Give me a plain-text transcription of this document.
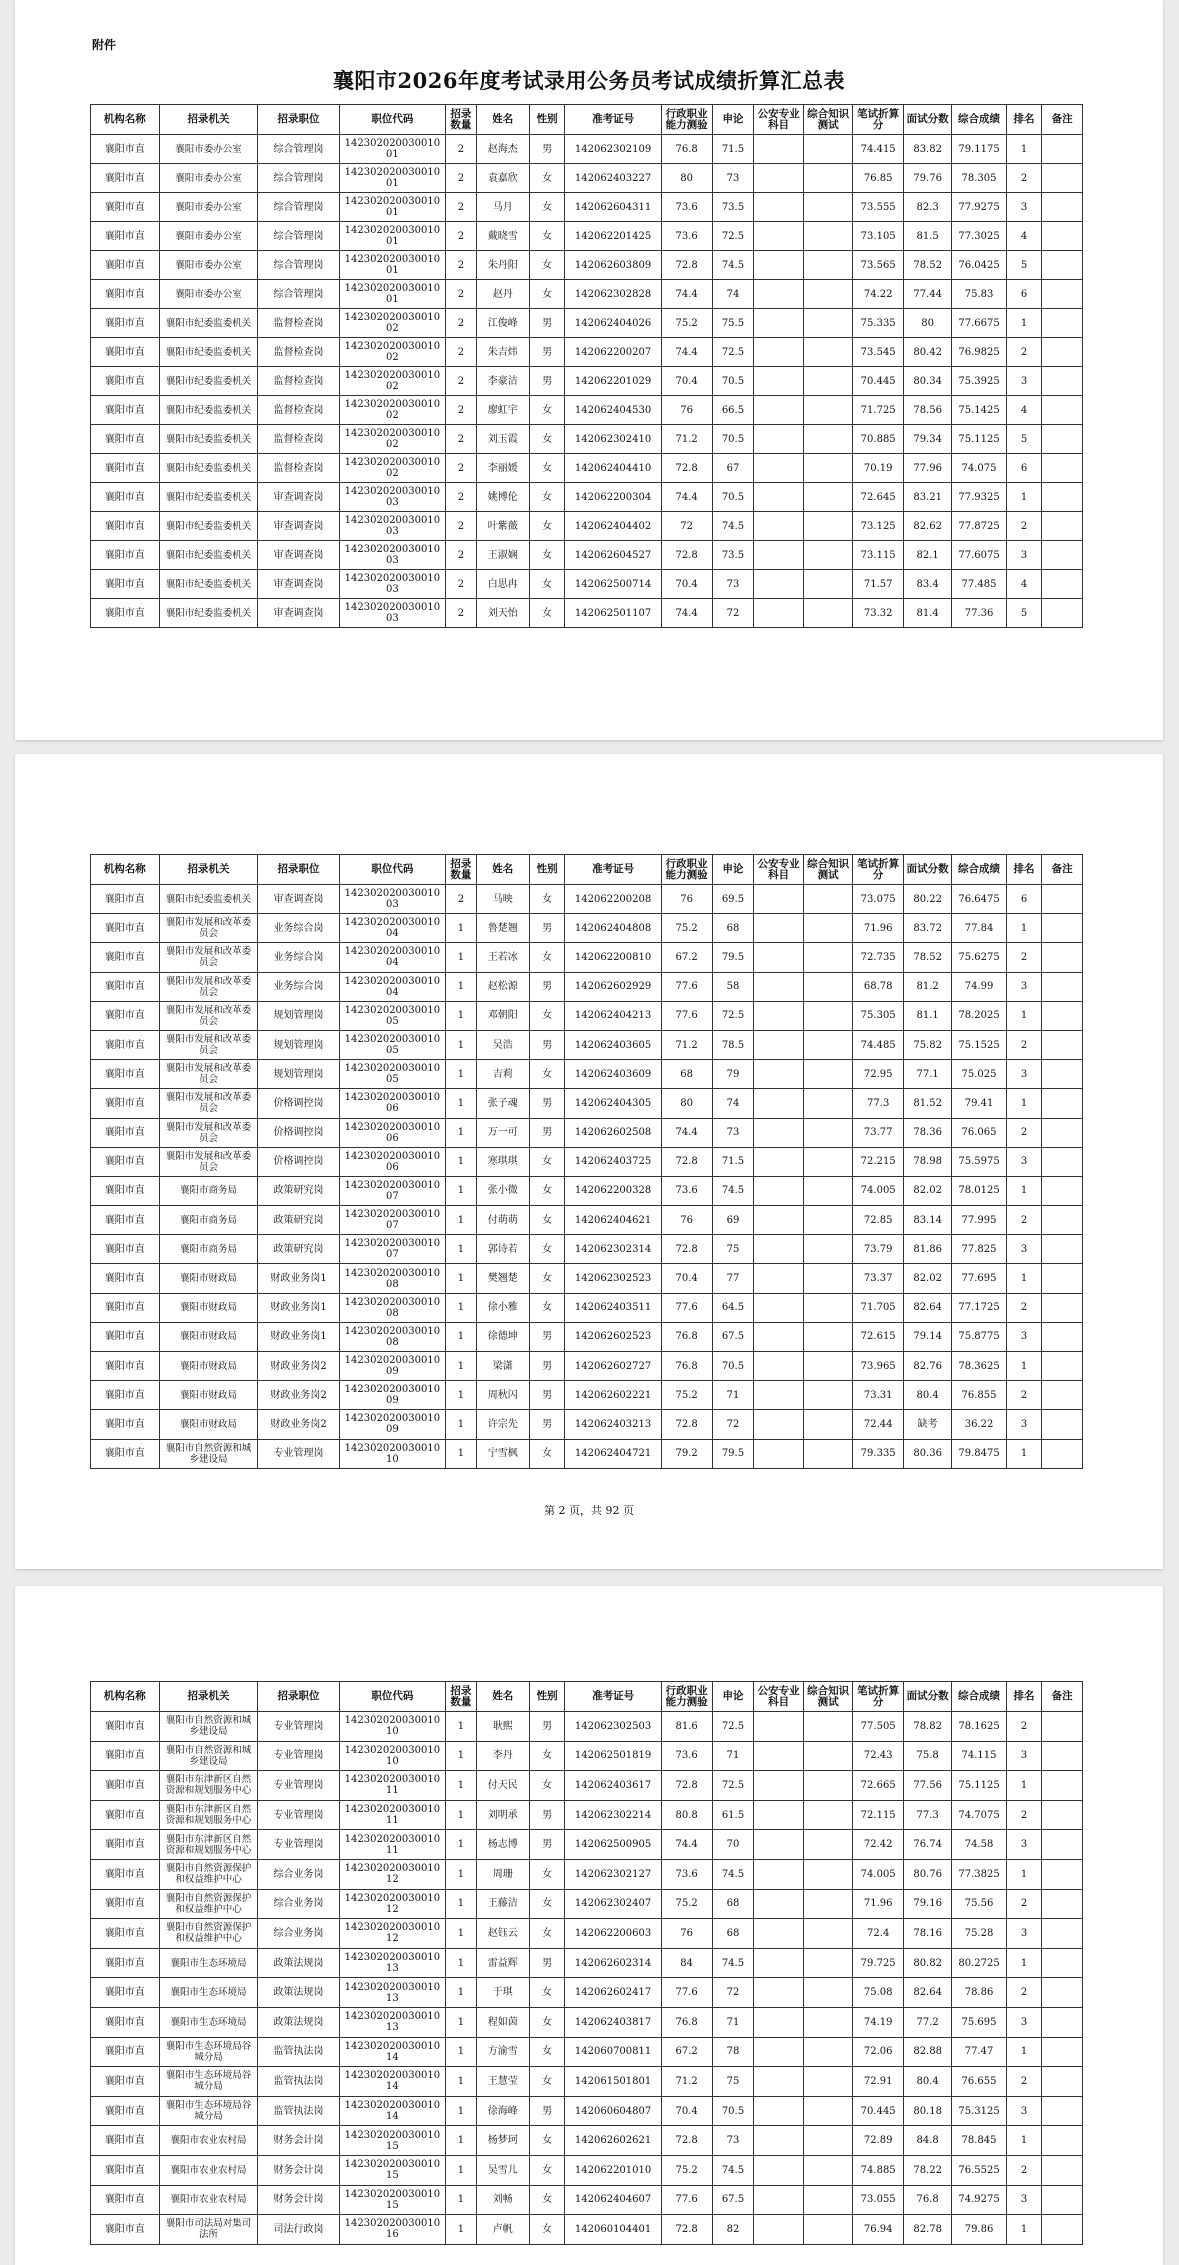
附件
襄阳市2026年度考试录用公务员考试成绩折算汇总表
机构名称	招录机关	招录职位	职位代码	招录数量	姓名	性别	准考证号	行政职业能力测验	申论	公安专业科目	综合知识测试	笔试折算分	面试分数	综合成绩	排名	备注
襄阳市直	襄阳市委办公室	综合管理岗	14230202003001001	2	赵海杰	男	142062302109	76.8	71.5			74.415	83.82	79.1175	1	
襄阳市直	襄阳市委办公室	综合管理岗	14230202003001001	2	袁嘉欣	女	142062403227	80	73			76.85	79.76	78.305	2	
襄阳市直	襄阳市委办公室	综合管理岗	14230202003001001	2	马月	女	142062604311	73.6	73.5			73.555	82.3	77.9275	3	
襄阳市直	襄阳市委办公室	综合管理岗	14230202003001001	2	戴晓雪	女	142062201425	73.6	72.5			73.105	81.5	77.3025	4	
襄阳市直	襄阳市委办公室	综合管理岗	14230202003001001	2	朱丹阳	女	142062603809	72.8	74.5			73.565	78.52	76.0425	5	
襄阳市直	襄阳市委办公室	综合管理岗	14230202003001001	2	赵丹	女	142062302828	74.4	74			74.22	77.44	75.83	6	
襄阳市直	襄阳市纪委监委机关	监督检查岗	14230202003001002	2	江俊峰	男	142062404026	75.2	75.5			75.335	80	77.6675	1	
襄阳市直	襄阳市纪委监委机关	监督检查岗	14230202003001002	2	朱吉炜	男	142062200207	74.4	72.5			73.545	80.42	76.9825	2	
襄阳市直	襄阳市纪委监委机关	监督检查岗	14230202003001002	2	李豪洁	男	142062201029	70.4	70.5			70.445	80.34	75.3925	3	
襄阳市直	襄阳市纪委监委机关	监督检查岗	14230202003001002	2	廖虹宇	女	142062404530	76	66.5			71.725	78.56	75.1425	4	
襄阳市直	襄阳市纪委监委机关	监督检查岗	14230202003001002	2	刘玉霞	女	142062302410	71.2	70.5			70.885	79.34	75.1125	5	
襄阳市直	襄阳市纪委监委机关	监督检查岗	14230202003001002	2	李丽媛	女	142062404410	72.8	67			70.19	77.96	74.075	6	
襄阳市直	襄阳市纪委监委机关	审查调查岗	14230202003001003	2	姚博伦	女	142062200304	74.4	70.5			72.645	83.21	77.9325	1	
襄阳市直	襄阳市纪委监委机关	审查调查岗	14230202003001003	2	叶紫薇	女	142062404402	72	74.5			73.125	82.62	77.8725	2	
襄阳市直	襄阳市纪委监委机关	审查调查岗	14230202003001003	2	王淑娴	女	142062604527	72.8	73.5			73.115	82.1	77.6075	3	
襄阳市直	襄阳市纪委监委机关	审查调查岗	14230202003001003	2	白思冉	女	142062500714	70.4	73			71.57	83.4	77.485	4	
襄阳市直	襄阳市纪委监委机关	审查调查岗	14230202003001003	2	刘天怡	女	142062501107	74.4	72			73.32	81.4	77.36	5	
机构名称	招录机关	招录职位	职位代码	招录数量	姓名	性别	准考证号	行政职业能力测验	申论	公安专业科目	综合知识测试	笔试折算分	面试分数	综合成绩	排名	备注
襄阳市直	襄阳市纪委监委机关	审查调查岗	14230202003001003	2	马映	女	142062200208	76	69.5			73.075	80.22	76.6475	6	
襄阳市直	襄阳市发展和改革委员会	业务综合岗	14230202003001004	1	鲁楚翘	男	142062404808	75.2	68			71.96	83.72	77.84	1	
襄阳市直	襄阳市发展和改革委员会	业务综合岗	14230202003001004	1	王若冰	女	142062200810	67.2	79.5			72.735	78.52	75.6275	2	
襄阳市直	襄阳市发展和改革委员会	业务综合岗	14230202003001004	1	赵松源	男	142062602929	77.6	58			68.78	81.2	74.99	3	
襄阳市直	襄阳市发展和改革委员会	规划管理岗	14230202003001005	1	邓朝阳	女	142062404213	77.6	72.5			75.305	81.1	78.2025	1	
襄阳市直	襄阳市发展和改革委员会	规划管理岗	14230202003001005	1	吴浩	男	142062403605	71.2	78.5			74.485	75.82	75.1525	2	
襄阳市直	襄阳市发展和改革委员会	规划管理岗	14230202003001005	1	吉莉	女	142062403609	68	79			72.95	77.1	75.025	3	
襄阳市直	襄阳市发展和改革委员会	价格调控岗	14230202003001006	1	张子魂	男	142062404305	80	74			77.3	81.52	79.41	1	
襄阳市直	襄阳市发展和改革委员会	价格调控岗	14230202003001006	1	万一可	男	142062602508	74.4	73			73.77	78.36	76.065	2	
襄阳市直	襄阳市发展和改革委员会	价格调控岗	14230202003001006	1	寒琪琪	女	142062403725	72.8	71.5			72.215	78.98	75.5975	3	
襄阳市直	襄阳市商务局	政策研究岗	14230202003001007	1	张小微	女	142062200328	73.6	74.5			74.005	82.02	78.0125	1	
襄阳市直	襄阳市商务局	政策研究岗	14230202003001007	1	付萌萌	女	142062404621	76	69			72.85	83.14	77.995	2	
襄阳市直	襄阳市商务局	政策研究岗	14230202003001007	1	郭诗若	女	142062302314	72.8	75			73.79	81.86	77.825	3	
襄阳市直	襄阳市财政局	财政业务岗1	14230202003001008	1	樊翘楚	女	142062302523	70.4	77			73.37	82.02	77.695	1	
襄阳市直	襄阳市财政局	财政业务岗1	14230202003001008	1	徐小雅	女	142062403511	77.6	64.5			71.705	82.64	77.1725	2	
襄阳市直	襄阳市财政局	财政业务岗1	14230202003001008	1	徐德坤	男	142062602523	76.8	67.5			72.615	79.14	75.8775	3	
襄阳市直	襄阳市财政局	财政业务岗2	14230202003001009	1	梁潇	男	142062602727	76.8	70.5			73.965	82.76	78.3625	1	
襄阳市直	襄阳市财政局	财政业务岗2	14230202003001009	1	周秋闪	男	142062602221	75.2	71			73.31	80.4	76.855	2	
襄阳市直	襄阳市财政局	财政业务岗2	14230202003001009	1	许宗先	男	142062403213	72.8	72			72.44	缺考	36.22	3	
襄阳市直	襄阳市自然资源和城乡建设局	专业管理岗	14230202003001010	1	宁雪枫	女	142062404721	79.2	79.5			79.335	80.36	79.8475	1	
第 2 页，共 92 页
机构名称	招录机关	招录职位	职位代码	招录数量	姓名	性别	准考证号	行政职业能力测验	申论	公安专业科目	综合知识测试	笔试折算分	面试分数	综合成绩	排名	备注
襄阳市直	襄阳市自然资源和城乡建设局	专业管理岗	14230202003001010	1	耿熙	男	142062302503	81.6	72.5			77.505	78.82	78.1625	2	
襄阳市直	襄阳市自然资源和城乡建设局	专业管理岗	14230202003001010	1	李丹	女	142062501819	73.6	71			72.43	75.8	74.115	3	
襄阳市直	襄阳市东津新区自然资源和规划服务中心	专业管理岗	14230202003001011	1	付天民	女	142062403617	72.8	72.5			72.665	77.56	75.1125	1	
襄阳市直	襄阳市东津新区自然资源和规划服务中心	专业管理岗	14230202003001011	1	刘明承	男	142062302214	80.8	61.5			72.115	77.3	74.7075	2	
襄阳市直	襄阳市东津新区自然资源和规划服务中心	专业管理岗	14230202003001011	1	杨志博	男	142062500905	74.4	70			72.42	76.74	74.58	3	
襄阳市直	襄阳市自然资源保护和权益维护中心	综合业务岗	14230202003001012	1	周珊	女	142062302127	73.6	74.5			74.005	80.76	77.3825	1	
襄阳市直	襄阳市自然资源保护和权益维护中心	综合业务岗	14230202003001012	1	王藤洁	女	142062302407	75.2	68			71.96	79.16	75.56	2	
襄阳市直	襄阳市自然资源保护和权益维护中心	综合业务岗	14230202003001012	1	赵钰云	女	142062200603	76	68			72.4	78.16	75.28	3	
襄阳市直	襄阳市生态环境局	政策法规岗	14230202003001013	1	雷益辉	男	142062602314	84	74.5			79.725	80.82	80.2725	1	
襄阳市直	襄阳市生态环境局	政策法规岗	14230202003001013	1	于琪	女	142062602417	77.6	72			75.08	82.64	78.86	2	
襄阳市直	襄阳市生态环境局	政策法规岗	14230202003001013	1	程如茵	女	142062403817	76.8	71			74.19	77.2	75.695	3	
襄阳市直	襄阳市生态环境局谷城分局	监管执法岗	14230202003001014	1	方渝雪	女	142060700811	67.2	78			72.06	82.88	77.47	1	
襄阳市直	襄阳市生态环境局谷城分局	监管执法岗	14230202003001014	1	王慧莹	女	142061501801	71.2	75			72.91	80.4	76.655	2	
襄阳市直	襄阳市生态环境局谷城分局	监管执法岗	14230202003001014	1	徐海峰	男	142060604807	70.4	70.5			70.445	80.18	75.3125	3	
襄阳市直	襄阳市农业农村局	财务会计岗	14230202003001015	1	杨梦珂	女	142062602621	72.8	73			72.89	84.8	78.845	1	
襄阳市直	襄阳市农业农村局	财务会计岗	14230202003001015	1	吴雪儿	女	142062201010	75.2	74.5			74.885	78.22	76.5525	2	
襄阳市直	襄阳市农业农村局	财务会计岗	14230202003001015	1	刘畅	女	142062404607	77.6	67.5			73.055	76.8	74.9275	3	
襄阳市直	襄阳市司法局对集司法所	司法行政岗	14230202003001016	1	卢帆	女	142060104401	72.8	82			76.94	82.78	79.86	1	
